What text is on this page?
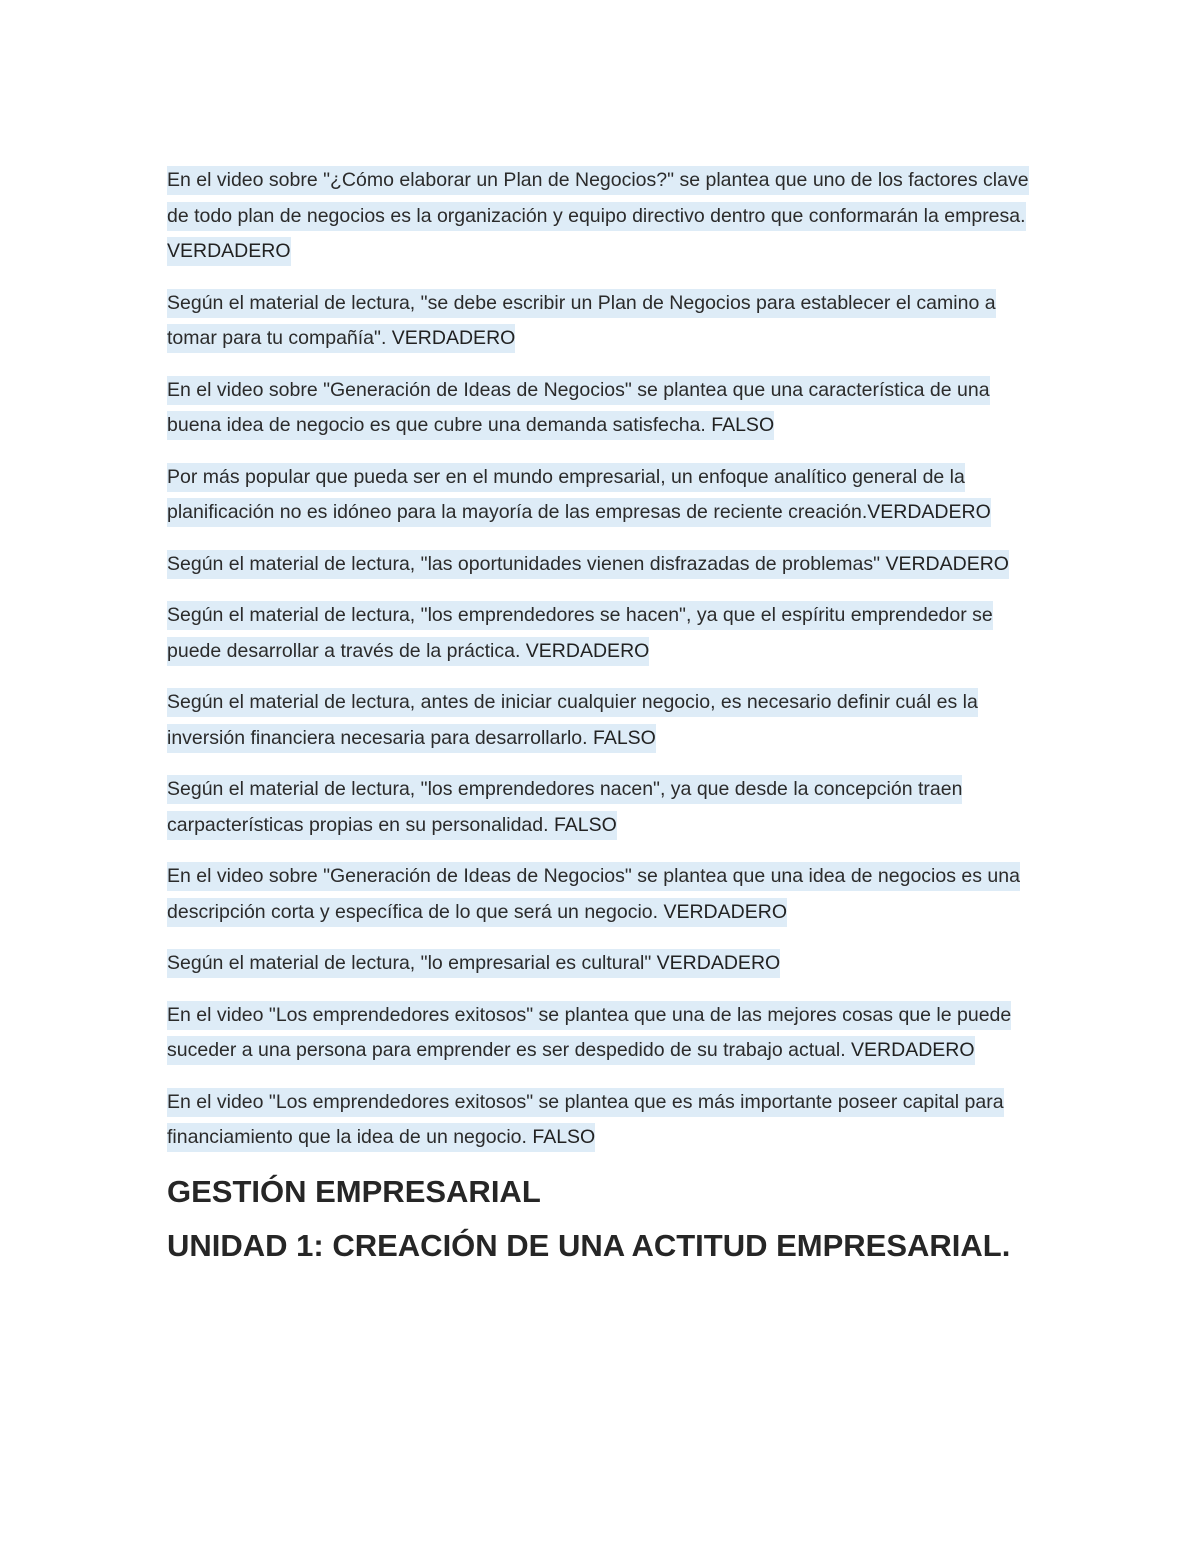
En el video sobre "¿Cómo elaborar un Plan de Negocios?" se plantea que uno de los factores clave de todo plan de negocios es la organización y equipo directivo dentro que conformarán la empresa. VERDADERO

Según el material de lectura, "se debe escribir un Plan de Negocios para establecer el camino a tomar para tu compañía". VERDADERO

En el video sobre "Generación de Ideas de Negocios" se plantea que una característica de una buena idea de negocio es que cubre una demanda satisfecha. FALSO

Por más popular que pueda ser en el mundo empresarial, un enfoque analítico general de la planificación no es idóneo para la mayoría de las empresas de reciente creación.VERDADERO

Según el material de lectura, "las oportunidades vienen disfrazadas de problemas" VERDADERO

Según el material de lectura, "los emprendedores se hacen", ya que el espíritu emprendedor se puede desarrollar a través de la práctica. VERDADERO

Según el material de lectura, antes de iniciar cualquier negocio, es necesario definir cuál es la inversión financiera necesaria para desarrollarlo. FALSO

Según el material de lectura, "los emprendedores nacen", ya que desde la concepción traen carpacterísticas propias en su personalidad. FALSO

En el video sobre "Generación de Ideas de Negocios" se plantea que una idea de negocios es una descripción corta y específica de lo que será un negocio. VERDADERO

Según el material de lectura, "lo empresarial es cultural" VERDADERO

En el video "Los emprendedores exitosos" se plantea que una de las mejores cosas que le puede suceder a una persona para emprender es ser despedido de su trabajo actual. VERDADERO

En el video "Los emprendedores exitosos" se plantea que es más importante poseer capital para financiamiento que la idea de un negocio. FALSO

GESTIÓN EMPRESARIAL
UNIDAD 1: CREACIÓN DE UNA ACTITUD EMPRESARIAL.
